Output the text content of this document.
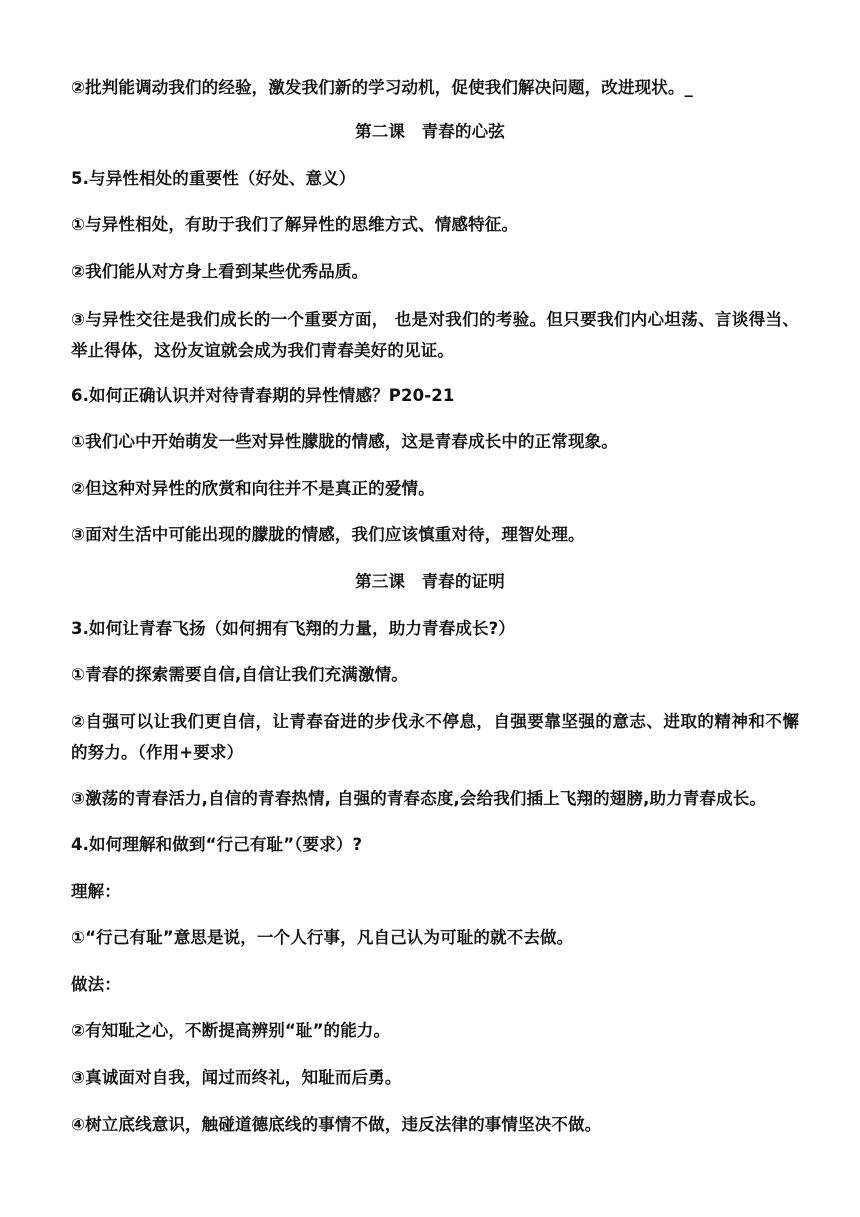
②批判能调动我们的经验，激发我们新的学习动机，促使我们解决问题，改进现状。_
第二课　青春的心弦
5.与异性相处的重要性（好处、意义）
①与异性相处，有助于我们了解异性的思维方式、情感特征。
②我们能从对方身上看到某些优秀品质。
③与异性交往是我们成长的一个重要方面， 也是对我们的考验。但只要我们内心坦荡、言谈得当、举止得体，这份友谊就会成为我们青春美好的见证。
6.如何正确认识并对待青春期的异性情感？P20-21
①我们心中开始萌发一些对异性朦胧的情感，这是青春成长中的正常现象。
②但这种对异性的欣赏和向往并不是真正的爱情。
③面对生活中可能出现的朦胧的情感，我们应该慎重对待，理智处理。
第三课　青春的证明
3.如何让青春飞扬（如何拥有飞翔的力量，助力青春成长?）
①青春的探索需要自信,自信让我们充满激情。
②自强可以让我们更自信，让青春奋进的步伐永不停息，自强要靠坚强的意志、进取的精神和不懈的努力。（作用+要求）
③激荡的青春活力,自信的青春热情, 自强的青春态度,会给我们插上飞翔的翅膀,助力青春成长。
4.如何理解和做到“行己有耻”（要求）?
理解：
①“行己有耻”意思是说，一个人行事，凡自己认为可耻的就不去做。
做法：
②有知耻之心，不断提高辨别“耻”的能力。
③真诚面对自我，闻过而终礼，知耻而后勇。
④树立底线意识，触碰道德底线的事情不做，违反法律的事情坚决不做。
